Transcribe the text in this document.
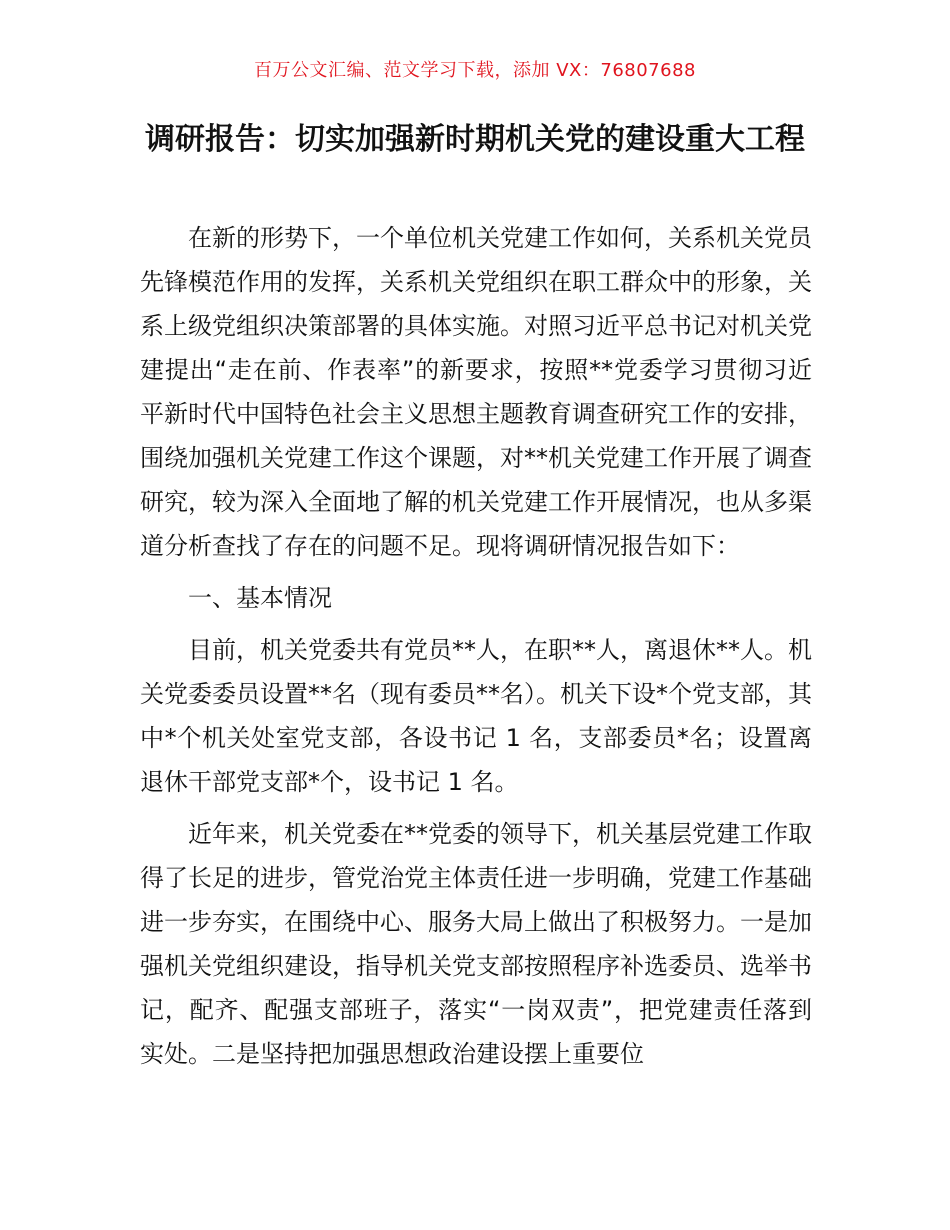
百万公文汇编、范文学习下载，添加 VX：76807688
调研报告：切实加强新时期机关党的建设重大工程

在新的形势下，一个单位机关党建工作如何，关系机关党员先锋模范作用的发挥，关系机关党组织在职工群众中的形象，关系上级党组织决策部署的具体实施。对照习近平总书记对机关党建提出“走在前、作表率”的新要求，按照**党委学习贯彻习近平新时代中国特色社会主义思想主题教育调查研究工作的安排，围绕加强机关党建工作这个课题，对**机关党建工作开展了调查研究，较为深入全面地了解的机关党建工作开展情况，也从多渠道分析查找了存在的问题不足。现将调研情况报告如下：

一、基本情况

目前，机关党委共有党员**人，在职**人，离退休**人。机关党委委员设置**名（现有委员**名）。机关下设*个党支部，其中*个机关处室党支部，各设书记 1 名，支部委员*名；设置离退休干部党支部*个，设书记 1 名。

近年来，机关党委在**党委的领导下，机关基层党建工作取得了长足的进步，管党治党主体责任进一步明确，党建工作基础进一步夯实，在围绕中心、服务大局上做出了积极努力。一是加强机关党组织建设，指导机关党支部按照程序补选委员、选举书记，配齐、配强支部班子，落实“一岗双责”，把党建责任落到实处。二是坚持把加强思想政治建设摆上重要位
